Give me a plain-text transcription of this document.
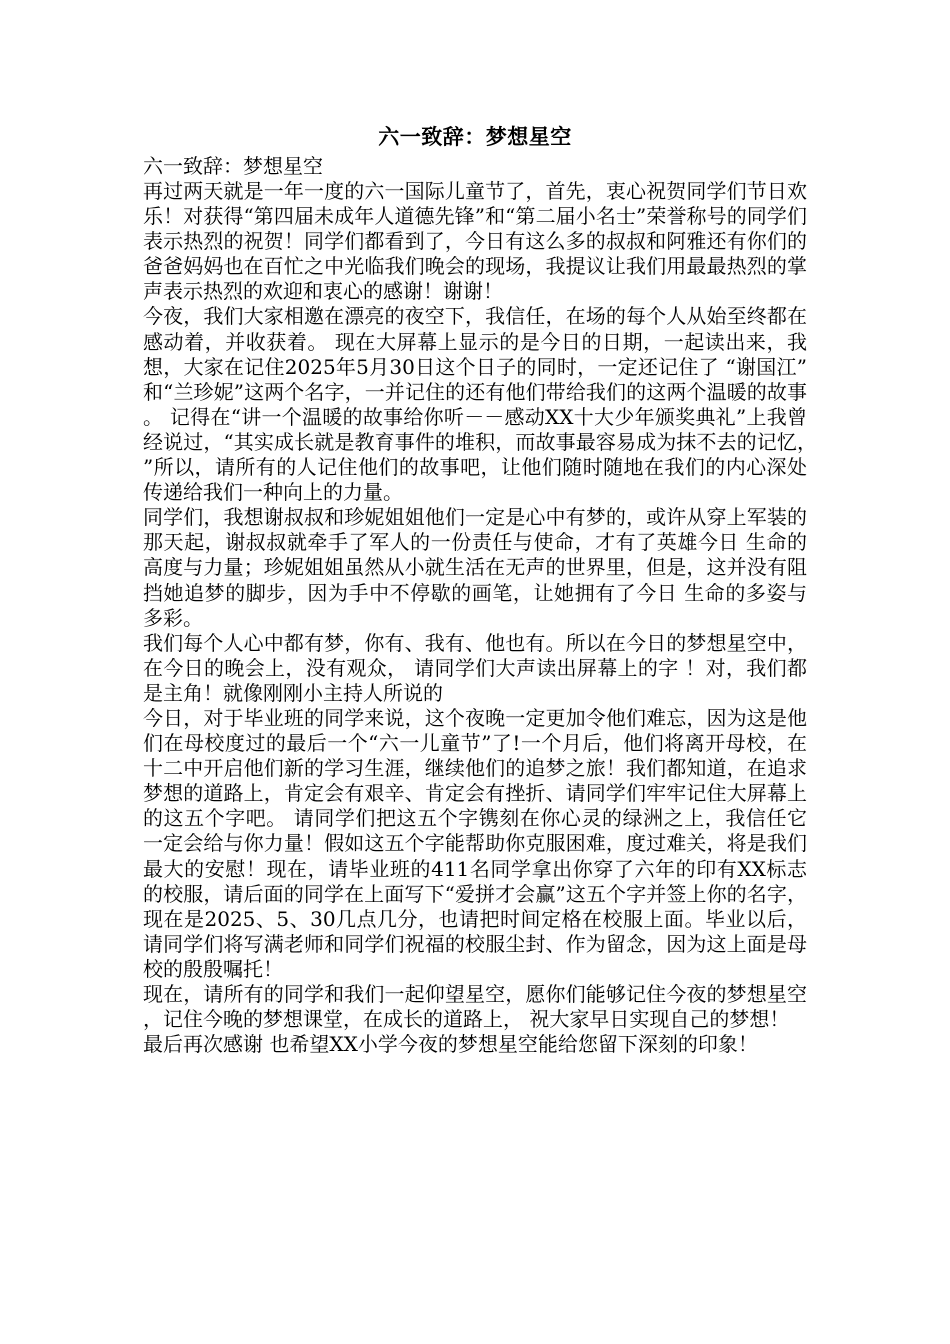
六一致辞：梦想星空

六一致辞：梦想星空

再过两天就是一年一度的六一国际儿童节了，首先，衷心祝贺同学们节日欢乐！对获得“第四届未成年人道德先锋”和“第二届小名士”荣誉称号的同学们表示热烈的祝贺！同学们都看到了，今日有这么多的叔叔和阿雅还有你们的爸爸妈妈也在百忙之中光临我们晚会的现场，我提议让我们用最最热烈的掌声表示热烈的欢迎和衷心的感谢！谢谢！

今夜，我们大家相邀在漂亮的夜空下，我信任，在场的每个人从始至终都在感动着，并收获着。 现在大屏幕上显示的是今日的日期，一起读出来，我想，大家在记住2025年5月30日这个日子的同时，一定还记住了 “谢国江”和“兰珍妮”这两个名字，一并记住的还有他们带给我们的这两个温暖的故事。 记得在“讲一个温暖的故事给你听－－感动XX十大少年颁奖典礼”上我曾经说过，“其实成长就是教育事件的堆积，而故事最容易成为抹不去的记忆，”所以，请所有的人记住他们的故事吧，让他们随时随地在我们的内心深处传递给我们一种向上的力量。

同学们，我想谢叔叔和珍妮姐姐他们一定是心中有梦的，或许从穿上军装的那天起，谢叔叔就牵手了军人的一份责任与使命，才有了英雄今日 生命的高度与力量；珍妮姐姐虽然从小就生活在无声的世界里，但是，这并没有阻挡她追梦的脚步，因为手中不停歇的画笔，让她拥有了今日 生命的多姿与多彩。

我们每个人心中都有梦，你有、我有、他也有。所以在今日的梦想星空中，在今日的晚会上，没有观众， 请同学们大声读出屏幕上的字 ！对，我们都是主角！就像刚刚小主持人所说的

今日，对于毕业班的同学来说，这个夜晚一定更加令他们难忘，因为这是他们在母校度过的最后一个“六一儿童节”了!一个月后，他们将离开母校，在十二中开启他们新的学习生涯，继续他们的追梦之旅！我们都知道，在追求梦想的道路上，肯定会有艰辛、肯定会有挫折、请同学们牢牢记住大屏幕上的这五个字吧。 请同学们把这五个字镌刻在你心灵的绿洲之上，我信任它一定会给与你力量！假如这五个字能帮助你克服困难，度过难关，将是我们最大的安慰！现在，请毕业班的411名同学拿出你穿了六年的印有XX标志的校服，请后面的同学在上面写下“爱拼才会赢”这五个字并签上你的名字，现在是2025、5、30几点几分，也请把时间定格在校服上面。毕业以后，请同学们将写满老师和同学们祝福的校服尘封、作为留念，因为这上面是母校的殷殷嘱托！

现在，请所有的同学和我们一起仰望星空，愿你们能够记住今夜的梦想星空，记住今晚的梦想课堂，在成长的道路上， 祝大家早日实现自己的梦想！

最后再次感谢 也希望XX小学今夜的梦想星空能给您留下深刻的印象！
